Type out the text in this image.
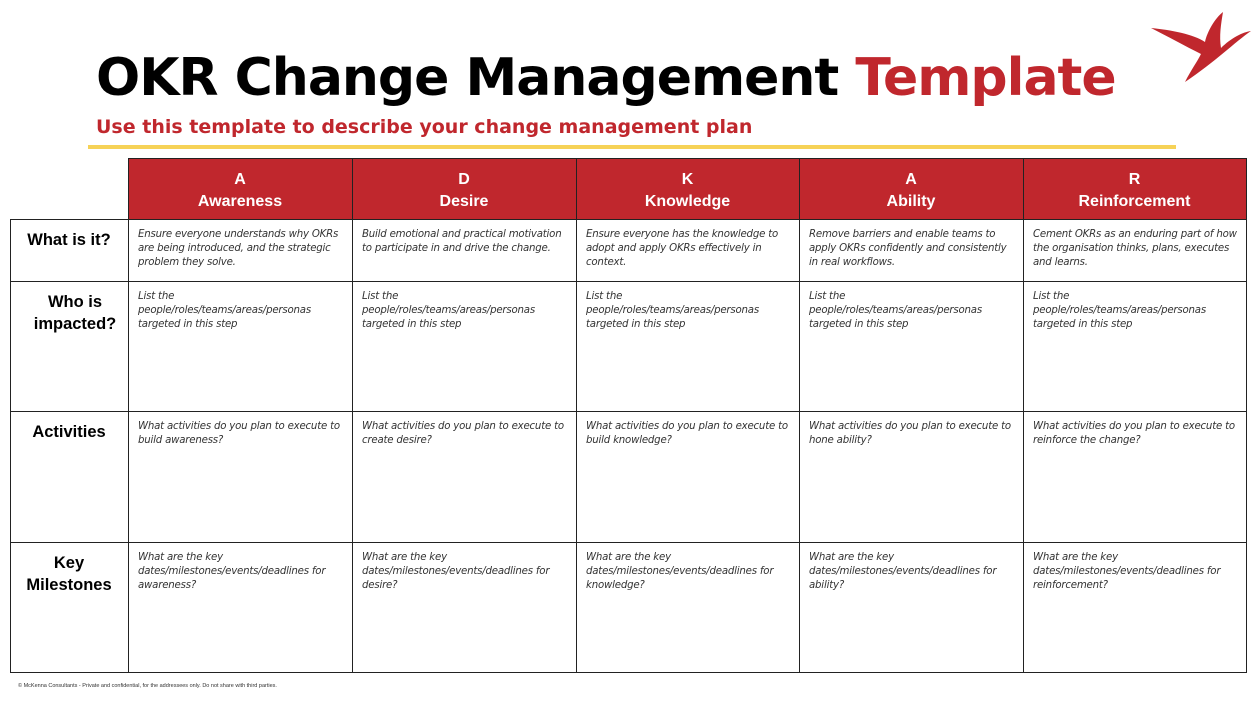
OKR Change Management Template
Use this template to describe your change management plan
A
Awareness
D
Desire
K
Knowledge
A
Ability
R
Reinforcement
What is it?	Ensure everyone understands why OKRs are being introduced, and the strategic problem they solve.
Build emotional and practical motivation to participate in and drive the change.
Ensure everyone has the knowledge to adopt and apply OKRs effectively in context.
Remove barriers and enable teams to apply OKRs confidently and consistently in real workflows.
Cement OKRs as an enduring part of how the organisation thinks, plans, executes and learns.
Who is impacted?
List the people/roles/teams/areas/personas targeted in this step
List the people/roles/teams/areas/personas targeted in this step
List the people/roles/teams/areas/personas targeted in this step
List the people/roles/teams/areas/personas targeted in this step
List the people/roles/teams/areas/personas targeted in this step
Activities	What activities do you plan to execute to build awareness?
What activities do you plan to execute to create desire?
What activities do you plan to execute to build knowledge?
What activities do you plan to execute to hone ability?
What activities do you plan to execute to reinforce the change?
Key Milestones
What are the key dates/milestones/events/deadlines for awareness?
What are the key dates/milestones/events/deadlines for desire?
What are the key dates/milestones/events/deadlines for knowledge?
What are the key dates/milestones/events/deadlines for ability?
What are the key dates/milestones/events/deadlines for reinforcement?
© McKenna Consultants - Private and confidential, for the addressees only. Do not share with third parties.
